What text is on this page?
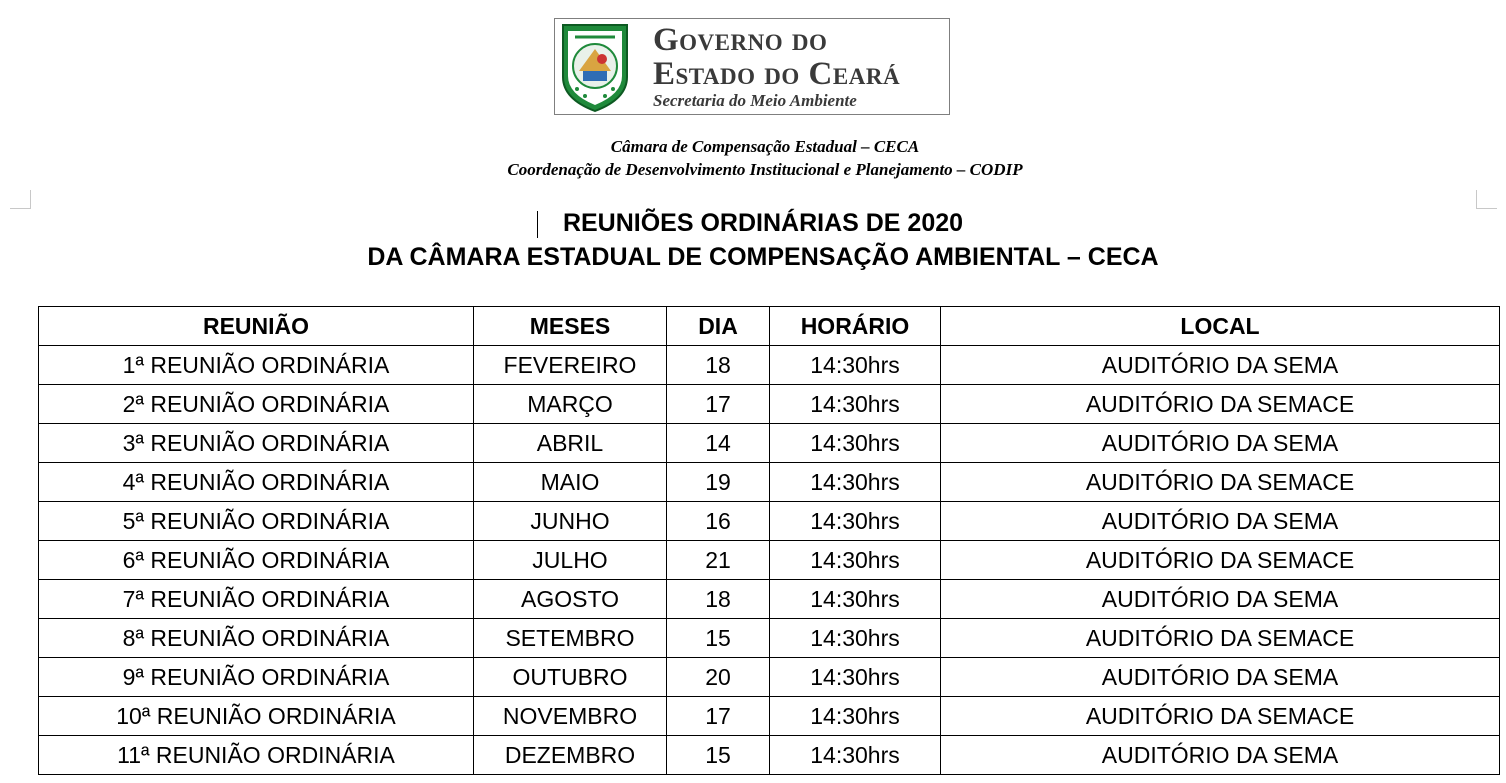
Governo do
Estado do Ceará
Secretaria do Meio Ambiente
Câmara de Compensação Estadual – CECA
Coordenação de Desenvolvimento Institucional e Planejamento – CODIP
REUNIÕES ORDINÁRIAS DE 2020
DA CÂMARA ESTADUAL DE COMPENSAÇÃO AMBIENTAL – CECA
REUNIÃO	MESES	DIA	HORÁRIO	LOCAL
1ª REUNIÃO ORDINÁRIA	FEVEREIRO	18	14:30hrs	AUDITÓRIO DA SEMA
2ª REUNIÃO ORDINÁRIA	MARÇO	17	14:30hrs	AUDITÓRIO DA SEMACE
3ª REUNIÃO ORDINÁRIA	ABRIL	14	14:30hrs	AUDITÓRIO DA SEMA
4ª REUNIÃO ORDINÁRIA	MAIO	19	14:30hrs	AUDITÓRIO DA SEMACE
5ª REUNIÃO ORDINÁRIA	JUNHO	16	14:30hrs	AUDITÓRIO DA SEMA
6ª REUNIÃO ORDINÁRIA	JULHO	21	14:30hrs	AUDITÓRIO DA SEMACE
7ª REUNIÃO ORDINÁRIA	AGOSTO	18	14:30hrs	AUDITÓRIO DA SEMA
8ª REUNIÃO ORDINÁRIA	SETEMBRO	15	14:30hrs	AUDITÓRIO DA SEMACE
9ª REUNIÃO ORDINÁRIA	OUTUBRO	20	14:30hrs	AUDITÓRIO DA SEMA
10ª REUNIÃO ORDINÁRIA	NOVEMBRO	17	14:30hrs	AUDITÓRIO DA SEMACE
11ª REUNIÃO ORDINÁRIA	DEZEMBRO	15	14:30hrs	AUDITÓRIO DA SEMA
